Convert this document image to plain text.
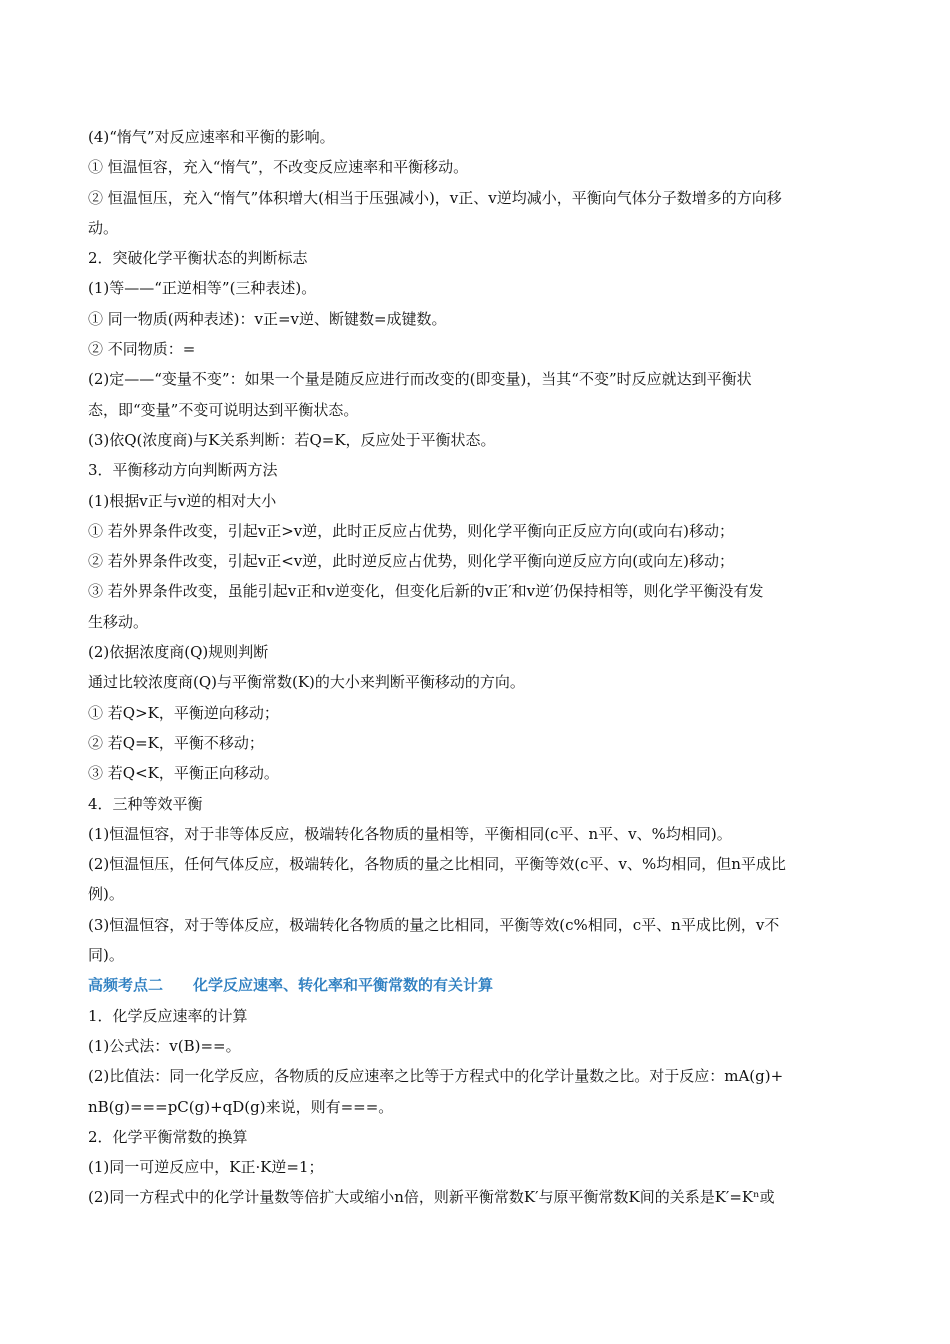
(4)“惰气”对反应速率和平衡的影响。
① 恒温恒容，充入“惰气”，不改变反应速率和平衡移动。
② 恒温恒压，充入“惰气”体积增大(相当于压强减小)，v正、v逆均减小，平衡向气体分子数增多的方向移
动。
2．突破化学平衡状态的判断标志
(1)等——“正逆相等”(三种表述)。
① 同一物质(两种表述)：v正=v逆、断键数=成键数。
② 不同物质：=
(2)定——“变量不变”：如果一个量是随反应进行而改变的(即变量)，当其“不变”时反应就达到平衡状
态，即“变量”不变可说明达到平衡状态。
(3)依Q(浓度商)与K关系判断：若Q=K，反应处于平衡状态。
3．平衡移动方向判断两方法
(1)根据v正与v逆的相对大小
① 若外界条件改变，引起v正>v逆，此时正反应占优势，则化学平衡向正反应方向(或向右)移动；
② 若外界条件改变，引起v正<v逆，此时逆反应占优势，则化学平衡向逆反应方向(或向左)移动；
③ 若外界条件改变，虽能引起v正和v逆变化，但变化后新的v正′和v逆′仍保持相等，则化学平衡没有发
生移动。
(2)依据浓度商(Q)规则判断
通过比较浓度商(Q)与平衡常数(K)的大小来判断平衡移动的方向。
① 若Q>K，平衡逆向移动；
② 若Q=K，平衡不移动；
③ 若Q<K，平衡正向移动。
4．三种等效平衡
(1)恒温恒容，对于非等体反应，极端转化各物质的量相等，平衡相同(c平、n平、v、%均相同)。
(2)恒温恒压，任何气体反应，极端转化，各物质的量之比相同，平衡等效(c平、v、%均相同，但n平成比
例)。
(3)恒温恒容，对于等体反应，极端转化各物质的量之比相同，平衡等效(c%相同，c平、n平成比例，v不
同)。
高频考点二　　化学反应速率、转化率和平衡常数的有关计算
1．化学反应速率的计算
(1)公式法：v(B)==。
(2)比值法：同一化学反应，各物质的反应速率之比等于方程式中的化学计量数之比。对于反应：mA(g)+
nB(g)===pC(g)+qD(g)来说，则有===。
2．化学平衡常数的换算
(1)同一可逆反应中，K正·K逆=1；
(2)同一方程式中的化学计量数等倍扩大或缩小n倍，则新平衡常数K′与原平衡常数K间的关系是K′=Kⁿ或
